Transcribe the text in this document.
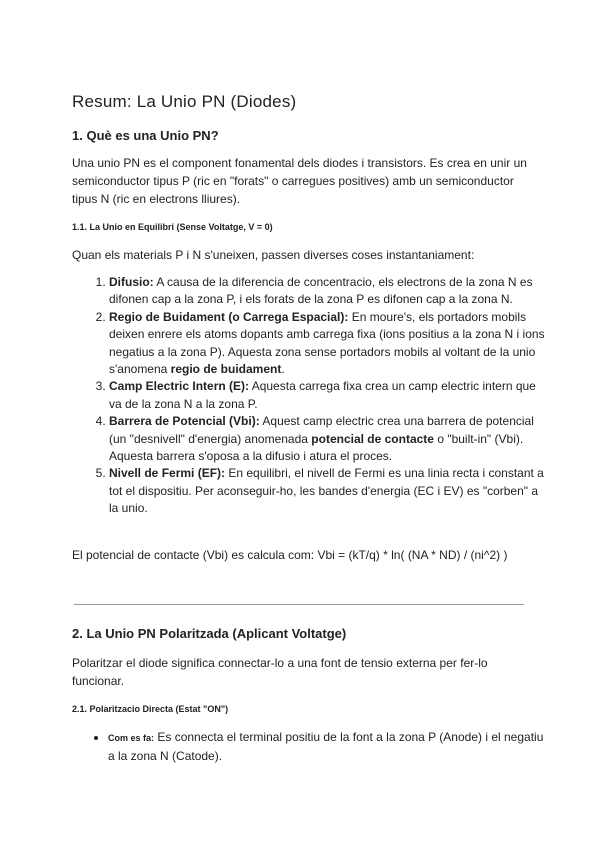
Resum: La Unio PN (Diodes)
1. Què es una Unio PN?

Una unio PN es el component fonamental dels diodes i transistors. Es crea en unir un semiconductor tipus P (ric en "forats" o carregues positives) amb un semiconductor tipus N (ric en electrons lliures).

1.1. La Unio en Equilibri (Sense Voltatge, V = 0)

Quan els materials P i N s'uneixen, passen diverses coses instantaniament:

1. Difusio: A causa de la diferencia de concentracio, els electrons de la zona N es difonen cap a la zona P, i els forats de la zona P es difonen cap a la zona N.
2. Regio de Buidament (o Carrega Espacial): En moure's, els portadors mobils deixen enrere els atoms dopants amb carrega fixa (ions positius a la zona N i ions negatius a la zona P). Aquesta zona sense portadors mobils al voltant de la unio s'anomena regio de buidament.
3. Camp Electric Intern (E): Aquesta carrega fixa crea un camp electric intern que va de la zona N a la zona P.
4. Barrera de Potencial (Vbi): Aquest camp electric crea una barrera de potencial (un "desnivell" d'energia) anomenada potencial de contacte o "built-in" (Vbi). Aquesta barrera s'oposa a la difusio i atura el proces.
5. Nivell de Fermi (EF): En equilibri, el nivell de Fermi es una linia recta i constant a tot el dispositiu. Per aconseguir-ho, les bandes d'energia (EC i EV) es "corben" a la unio.

El potencial de contacte (Vbi) es calcula com: Vbi = (kT/q) * ln( (NA * ND) / (ni^2) )

2. La Unio PN Polaritzada (Aplicant Voltatge)

Polaritzar el diode significa connectar-lo a una font de tensio externa per fer-lo funcionar.

2.1. Polaritzacio Directa (Estat "ON")
• Com es fa: Es connecta el terminal positiu de la font a la zona P (Anode) i el negatiu a la zona N (Catode).
